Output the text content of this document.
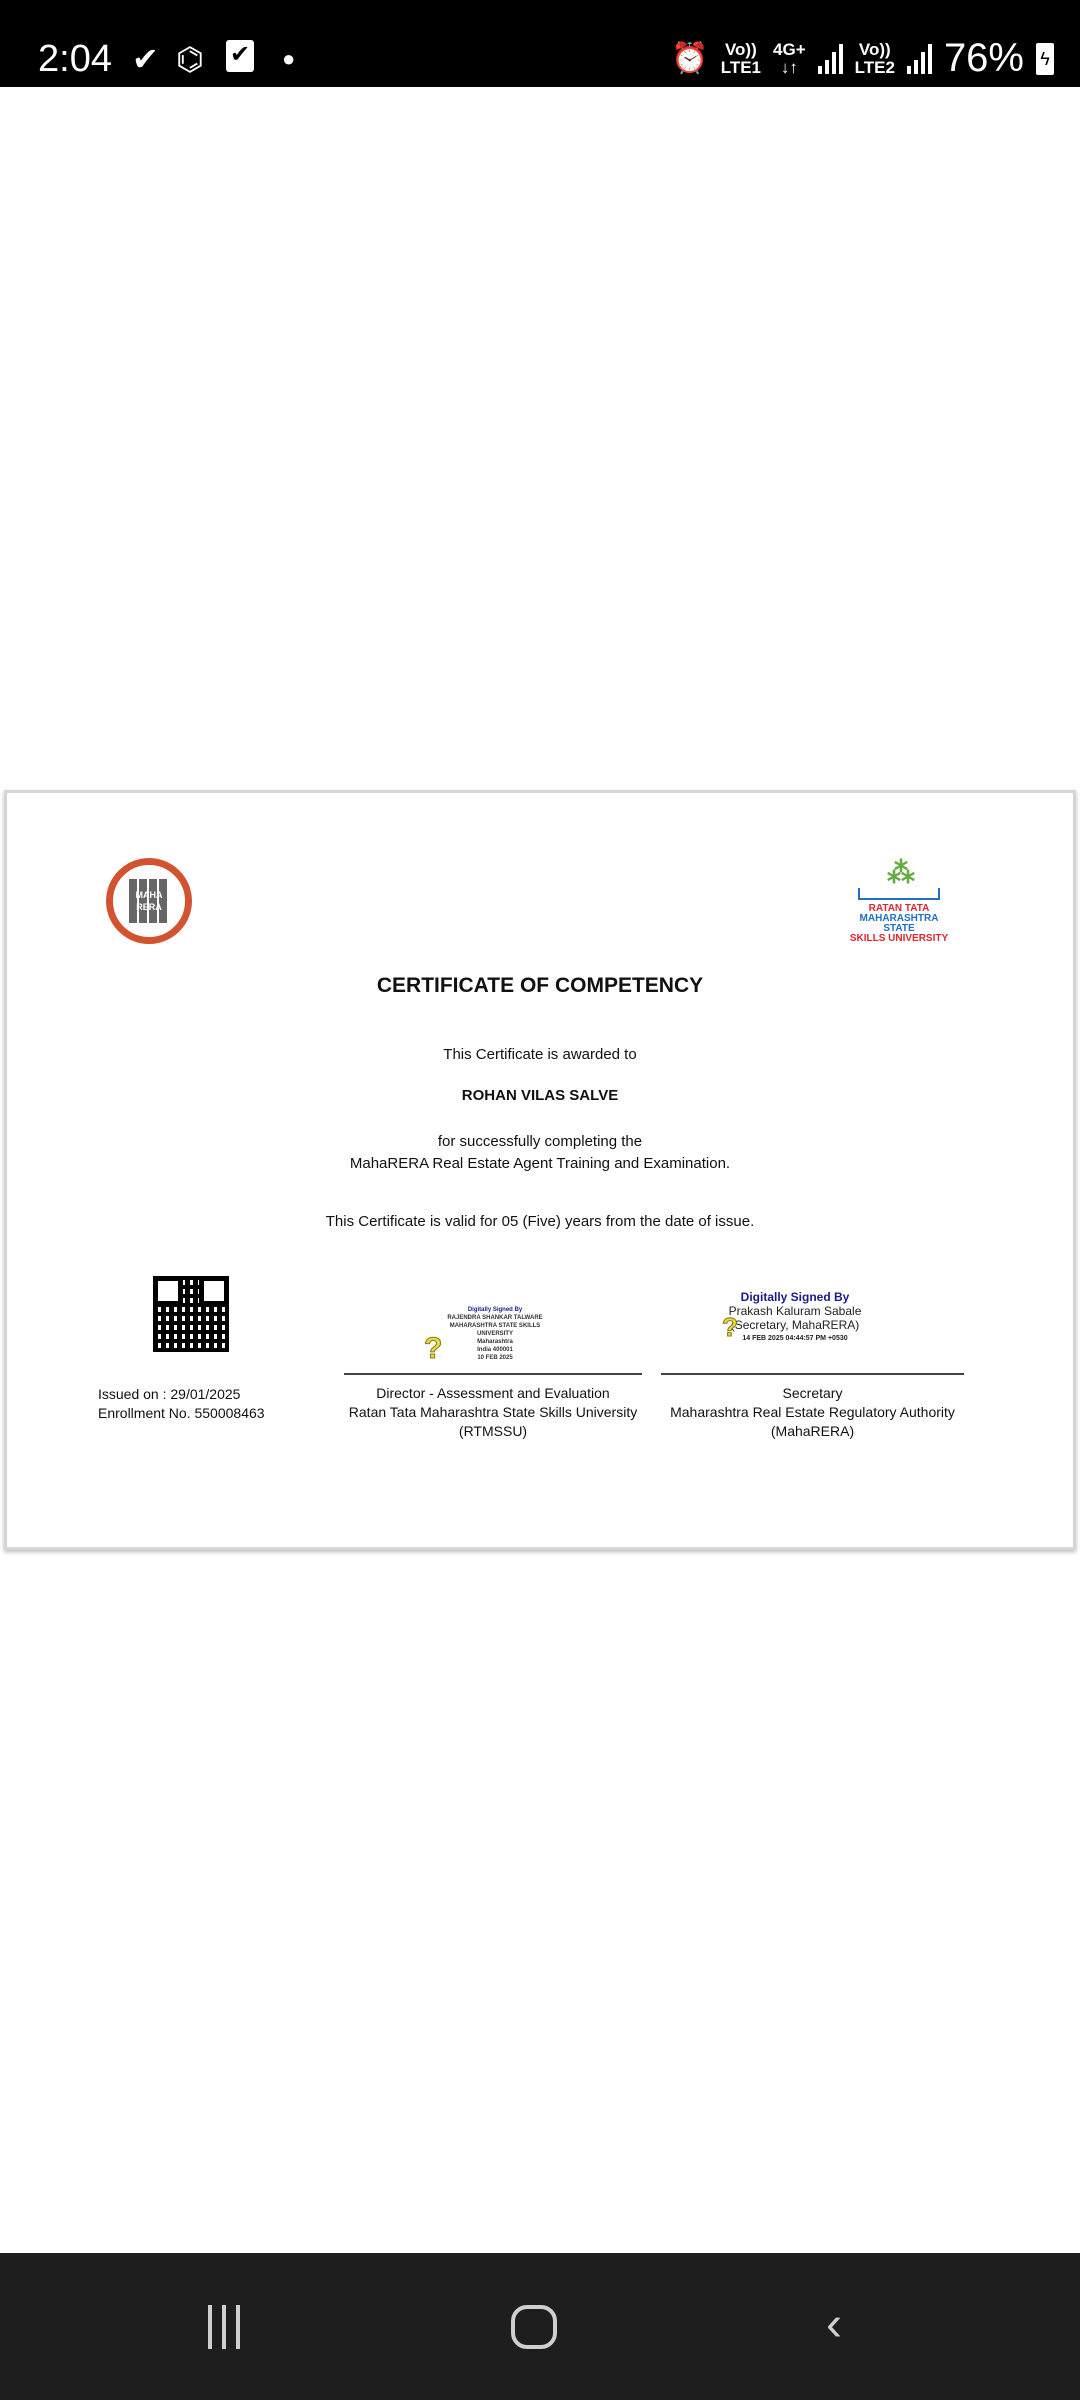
2:04 ✔ ⌬ ✔ ●	⏰ Vo))
LTE1
4G+
↓↑
Vo))
LTE2 76% ϟ
MAHA RERA
⁂
RATAN TATA
MAHARASHTRA STATE
SKILLS UNIVERSITY
CERTIFICATE OF COMPETENCY
This Certificate is awarded to
ROHAN VILAS SALVE
for successfully completing the
MahaRERA Real Estate Agent Training and Examination.
This Certificate is valid for 05 (Five) years from the date of issue.
Issued on : 29/01/2025
Enrollment No. 550008463
Digitally Signed By
RAJENDRA SHANKAR TALWARE
MAHARASHTRA STATE SKILLS
UNIVERSITY
Maharashtra
India 400001
10 FEB 2025
?
Director - Assessment and Evaluation
Ratan Tata Maharashtra State Skills University
(RTMSSU)
Digitally Signed By
Prakash Kaluram Sabale
(Secretary, MahaRERA)
14 FEB 2025 04:44:57 PM +0530
?
Secretary
Maharashtra Real Estate Regulatory Authority
(MahaRERA)
‹
